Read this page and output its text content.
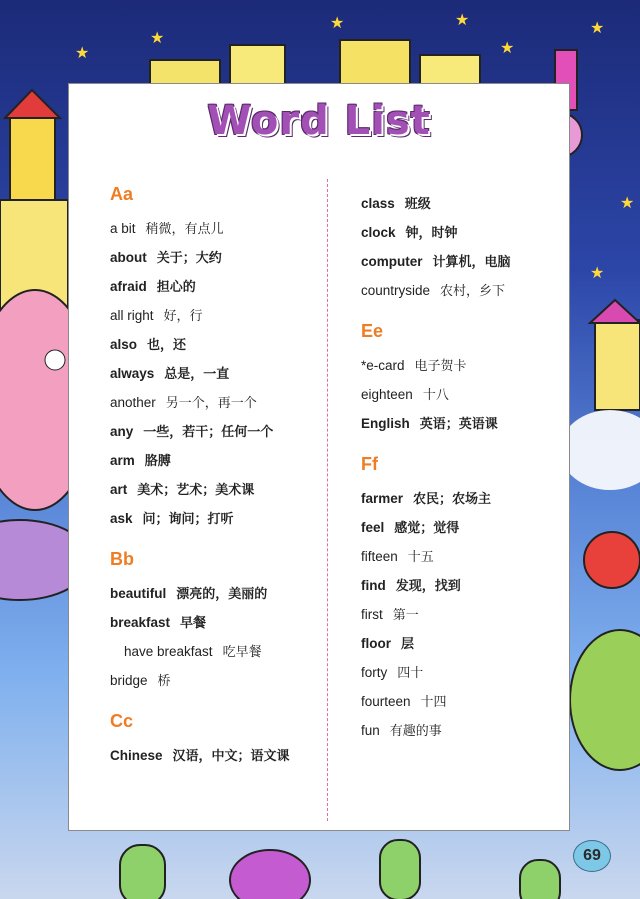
★
★	★
★
★
★
★
★
Word List
Aa
a bit 稍微，有点儿
about 关于；大约
afraid 担心的
all right 好，行
also 也，还
always 总是，一直
another 另一个，再一个
any 一些，若干；任何一个
arm 胳膊
art 美术；艺术；美术课
ask 问；询问；打听
Bb
beautiful 漂亮的，美丽的
breakfast 早餐
have breakfast 吃早餐
bridge 桥
Cc
Chinese 汉语，中文；语文课
class 班级
clock 钟，时钟
computer 计算机，电脑
countryside 农村，乡下
Ee
*e-card 电子贺卡
eighteen 十八
English 英语；英语课
Ff
farmer 农民；农场主
feel 感觉；觉得
fifteen 十五
find 发现，找到
first 第一
floor 层
forty 四十
fourteen 十四
fun 有趣的事
69
